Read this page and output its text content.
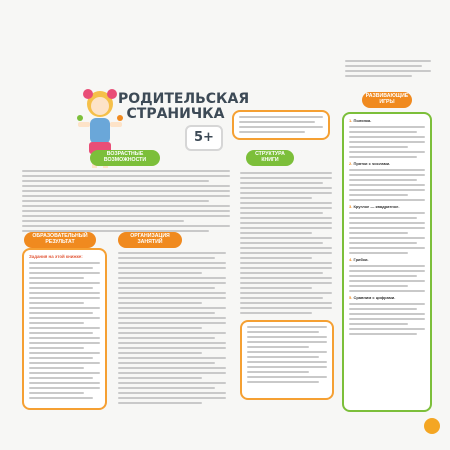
РОДИТЕЛЬСКАЯ
СТРАНИЧКА
5+
ВОЗРАСТНЫЕ ВОЗМОЖНОСТИ
ОБРАЗОВАТЕЛЬНЫЙ РЕЗУЛЬТАТ
Задания на этой книжке:
ОРГАНИЗАЦИЯ ЗАНЯТИЙ
СТРУКТУРА КНИГИ
РАЗВИВАЮЩИЕ ИГРЫ
1. Полянка.
2. Прятки с числами.
3. Круглое — квадратное.
4. Грибки.
5. Сравним с цифрами.
